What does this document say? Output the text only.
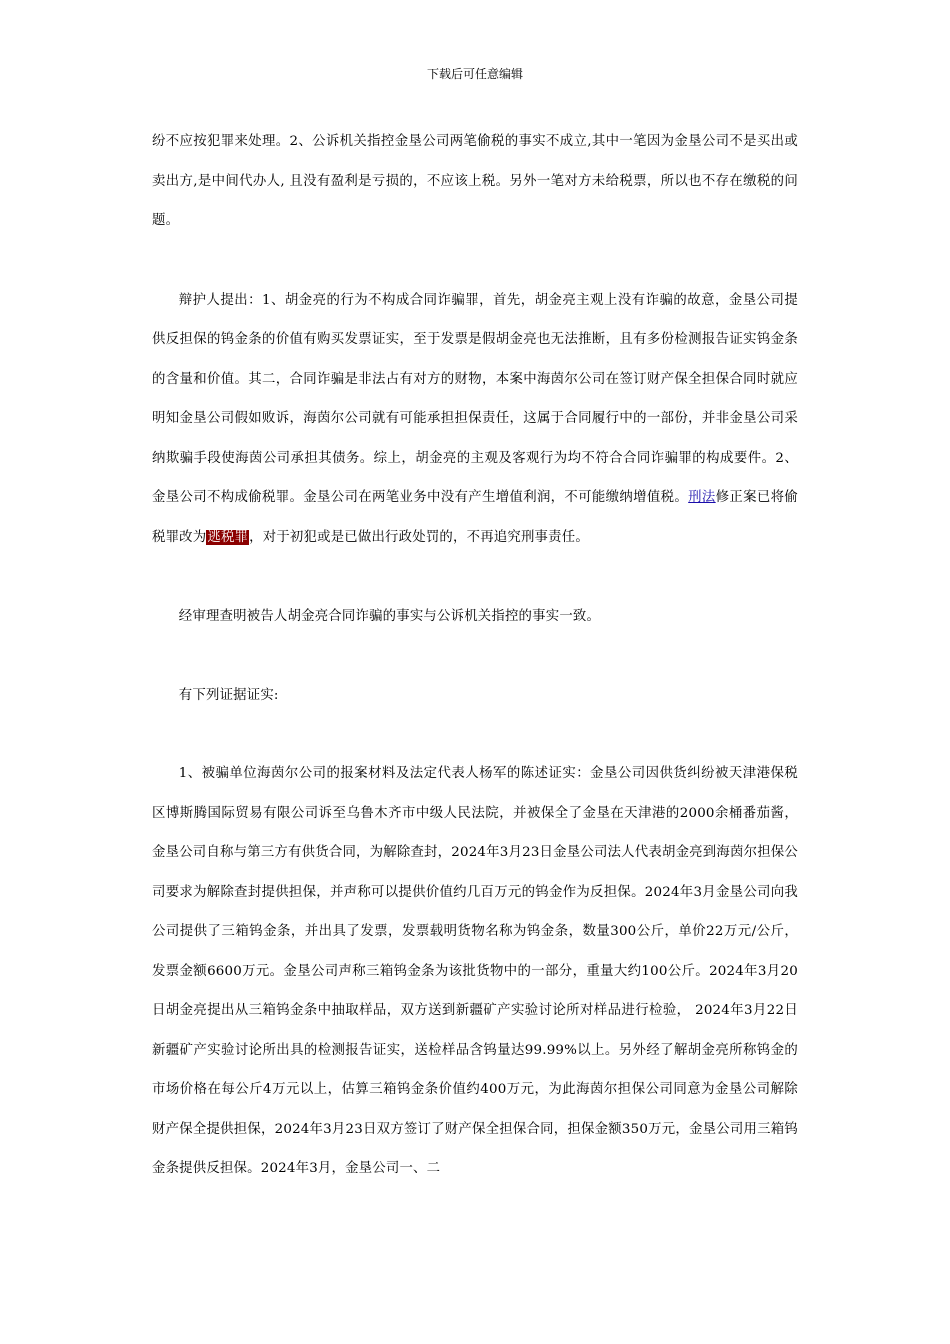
下载后可任意编辑

纷不应按犯罪来处理。2、公诉机关指控金垦公司两笔偷税的事实不成立,其中一笔因为金垦公司不是买出或卖出方,是中间代办人, 且没有盈利是亏损的，不应该上税。另外一笔对方未给税票，所以也不存在缴税的问题。

辩护人提出：1、胡金亮的行为不构成合同诈骗罪，首先，胡金亮主观上没有诈骗的故意，金垦公司提供反担保的钨金条的价值有购买发票证实，至于发票是假胡金亮也无法推断，且有多份检测报告证实钨金条的含量和价值。其二，合同诈骗是非法占有对方的财物，本案中海茵尔公司在签订财产保全担保合同时就应明知金垦公司假如败诉，海茵尔公司就有可能承担担保责任，这属于合同履行中的一部份，并非金垦公司采纳欺骗手段使海茵公司承担其债务。综上，胡金亮的主观及客观行为均不符合合同诈骗罪的构成要件。2、金垦公司不构成偷税罪。金垦公司在两笔业务中没有产生增值利润，不可能缴纳增值税。刑法修正案已将偷税罪改为逃税罪，对于初犯或是已做出行政处罚的，不再追究刑事责任。

经审理查明被告人胡金亮合同诈骗的事实与公诉机关指控的事实一致。

有下列证据证实:

1、被骗单位海茵尔公司的报案材料及法定代表人杨军的陈述证实：金垦公司因供货纠纷被天津港保税区博斯腾国际贸易有限公司诉至乌鲁木齐市中级人民法院，并被保全了金垦在天津港的2000余桶番茄酱，金垦公司自称与第三方有供货合同，为解除查封，2024年3月23日金垦公司法人代表胡金亮到海茵尔担保公司要求为解除查封提供担保，并声称可以提供价值约几百万元的钨金作为反担保。2024年3月金垦公司向我公司提供了三箱钨金条，并出具了发票，发票载明货物名称为钨金条，数量300公斤，单价22万元/公斤，发票金额6600万元。金垦公司声称三箱钨金条为该批货物中的一部分，重量大约100公斤。2024年3月20日胡金亮提出从三箱钨金条中抽取样品，双方送到新疆矿产实验讨论所对样品进行检验， 2024年3月22日新疆矿产实验讨论所出具的检测报告证实，送检样品含钨量达99.99%以上。另外经了解胡金亮所称钨金的市场价格在每公斤4万元以上，估算三箱钨金条价值约400万元，为此海茵尔担保公司同意为金垦公司解除财产保全提供担保，2024年3月23日双方签订了财产保全担保合同，担保金额350万元，金垦公司用三箱钨金条提供反担保。2024年3月，金垦公司一、二
